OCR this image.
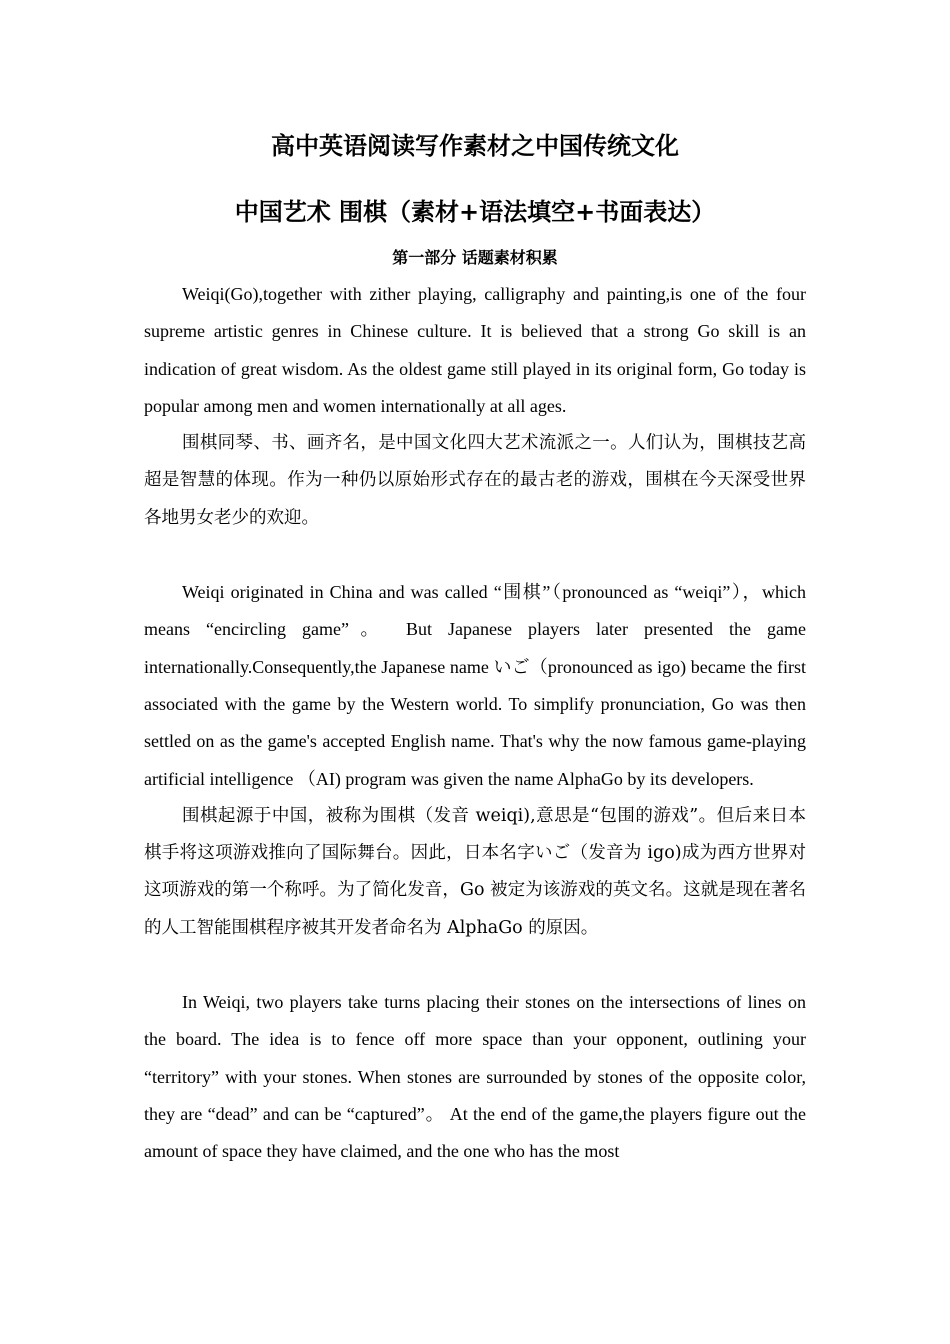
高中英语阅读写作素材之中国传统文化
中国艺术 围棋（素材+语法填空+书面表达）
第一部分 话题素材积累

Weiqi(Go),together with zither playing, calligraphy and painting,is one of the four supreme artistic genres in Chinese culture. It is believed that a strong Go skill is an indication of great wisdom. As the oldest game still played in its original form, Go today is popular among men and women internationally at all ages.

围棋同琴、书、画齐名，是中国文化四大艺术流派之一。人们认为，围棋技艺高超是智慧的体现。作为一种仍以原始形式存在的最古老的游戏，围棋在今天深受世界各地男女老少的欢迎。

Weiqi originated in China and was called “围棋”（pronounced as “weiqi”），which means “encircling game”。 But Japanese players later presented the game internationally.Consequently,the Japanese name いご（pronounced as igo) became the first associated with the game by the Western world. To simplify pronunciation, Go was then settled on as the game's accepted English name. That's why the now famous game-playing artificial intelligence （AI) program was given the name AlphaGo by its developers.

围棋起源于中国，被称为围棋（发音 weiqi),意思是“包围的游戏”。但后来日本棋手将这项游戏推向了国际舞台。因此，日本名字いご（发音为 igo)成为西方世界对这项游戏的第一个称呼。为了简化发音，Go 被定为该游戏的英文名。这就是现在著名的人工智能围棋程序被其开发者命名为 AlphaGo 的原因。

In Weiqi, two players take turns placing their stones on the intersections of lines on the board. The idea is to fence off more space than your opponent, outlining your “territory” with your stones. When stones are surrounded by stones of the opposite color, they are “dead” and can be “captured”。 At the end of the game,the players figure out the amount of space they have claimed, and the one who has the most
